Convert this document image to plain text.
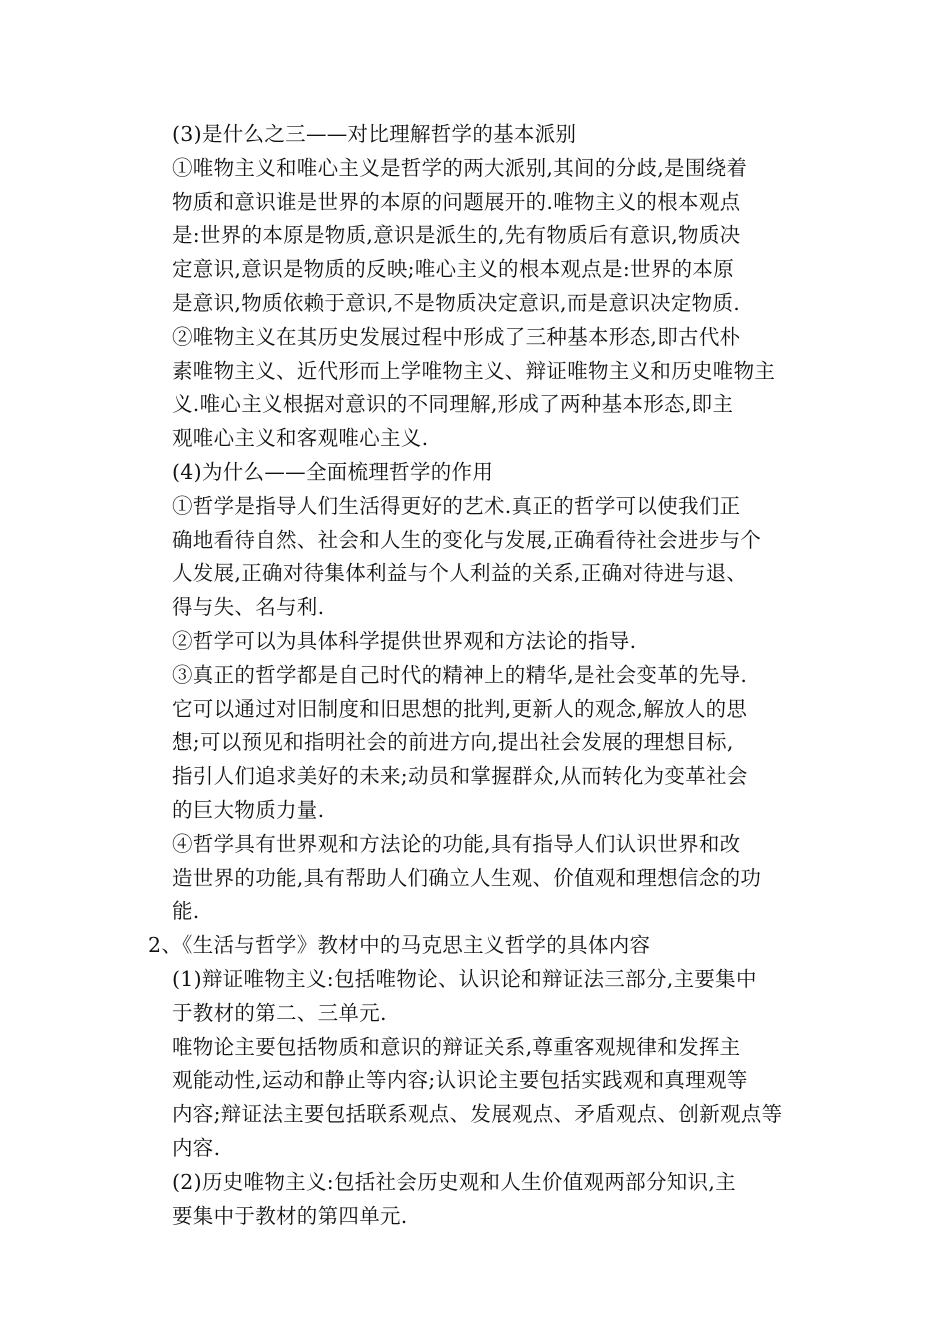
(3)是什么之三——对比理解哲学的基本派别
①唯物主义和唯心主义是哲学的两大派别,其间的分歧,是围绕着
物质和意识谁是世界的本原的问题展开的.唯物主义的根本观点
是:世界的本原是物质,意识是派生的,先有物质后有意识,物质决
定意识,意识是物质的反映;唯心主义的根本观点是:世界的本原
是意识,物质依赖于意识,不是物质决定意识,而是意识决定物质.
②唯物主义在其历史发展过程中形成了三种基本形态,即古代朴
素唯物主义、近代形而上学唯物主义、辩证唯物主义和历史唯物主
义.唯心主义根据对意识的不同理解,形成了两种基本形态,即主
观唯心主义和客观唯心主义.
(4)为什么——全面梳理哲学的作用
①哲学是指导人们生活得更好的艺术.真正的哲学可以使我们正
确地看待自然、社会和人生的变化与发展,正确看待社会进步与个
人发展,正确对待集体利益与个人利益的关系,正确对待进与退、
得与失、名与利.
②哲学可以为具体科学提供世界观和方法论的指导.
③真正的哲学都是自己时代的精神上的精华,是社会变革的先导.
它可以通过对旧制度和旧思想的批判,更新人的观念,解放人的思
想;可以预见和指明社会的前进方向,提出社会发展的理想目标,
指引人们追求美好的未来;动员和掌握群众,从而转化为变革社会
的巨大物质力量.
④哲学具有世界观和方法论的功能,具有指导人们认识世界和改
造世界的功能,具有帮助人们确立人生观、价值观和理想信念的功
能.
2、《生活与哲学》教材中的马克思主义哲学的具体内容
(1)辩证唯物主义:包括唯物论、认识论和辩证法三部分,主要集中
于教材的第二、三单元.
唯物论主要包括物质和意识的辩证关系,尊重客观规律和发挥主
观能动性,运动和静止等内容;认识论主要包括实践观和真理观等
内容;辩证法主要包括联系观点、发展观点、矛盾观点、创新观点等
内容.
(2)历史唯物主义:包括社会历史观和人生价值观两部分知识,主
要集中于教材的第四单元.
